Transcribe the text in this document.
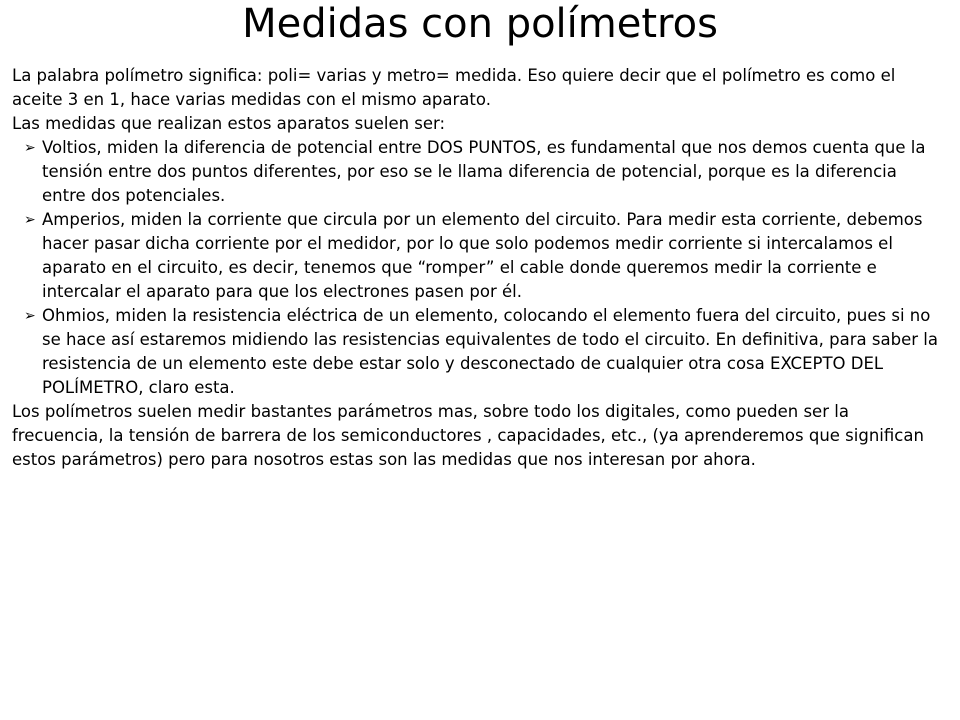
Medidas con polímetros

La palabra polímetro significa: poli= varias y metro= medida. Eso quiere decir que el polímetro es como el aceite 3 en 1, hace varias medidas con el mismo aparato.

Las medidas que realizan estos aparatos suelen ser:

➢ Voltios, miden la diferencia de potencial entre DOS PUNTOS, es fundamental que nos demos cuenta que la tensión entre dos puntos diferentes, por eso se le llama diferencia de potencial, porque es la diferencia entre dos potenciales.
➢ Amperios, miden la corriente que circula por un elemento del circuito. Para medir esta corriente, debemos hacer pasar dicha corriente por el medidor, por lo que solo podemos medir corriente si intercalamos el aparato en el circuito, es decir, tenemos que “romper” el cable donde queremos medir la corriente e intercalar el aparato para que los electrones pasen por él.
➢ Ohmios, miden la resistencia eléctrica de un elemento, colocando el elemento fuera del circuito, pues si no se hace así estaremos midiendo las resistencias equivalentes de todo el circuito. En definitiva, para saber la resistencia de un elemento este debe estar solo y desconectado de cualquier otra cosa EXCEPTO DEL POLÍMETRO, claro esta.

Los polímetros suelen medir bastantes parámetros mas, sobre todo los digitales, como pueden ser la frecuencia, la tensión de barrera de los semiconductores , capacidades, etc., (ya aprenderemos que significan estos parámetros) pero para nosotros estas son las medidas que nos interesan por ahora.
